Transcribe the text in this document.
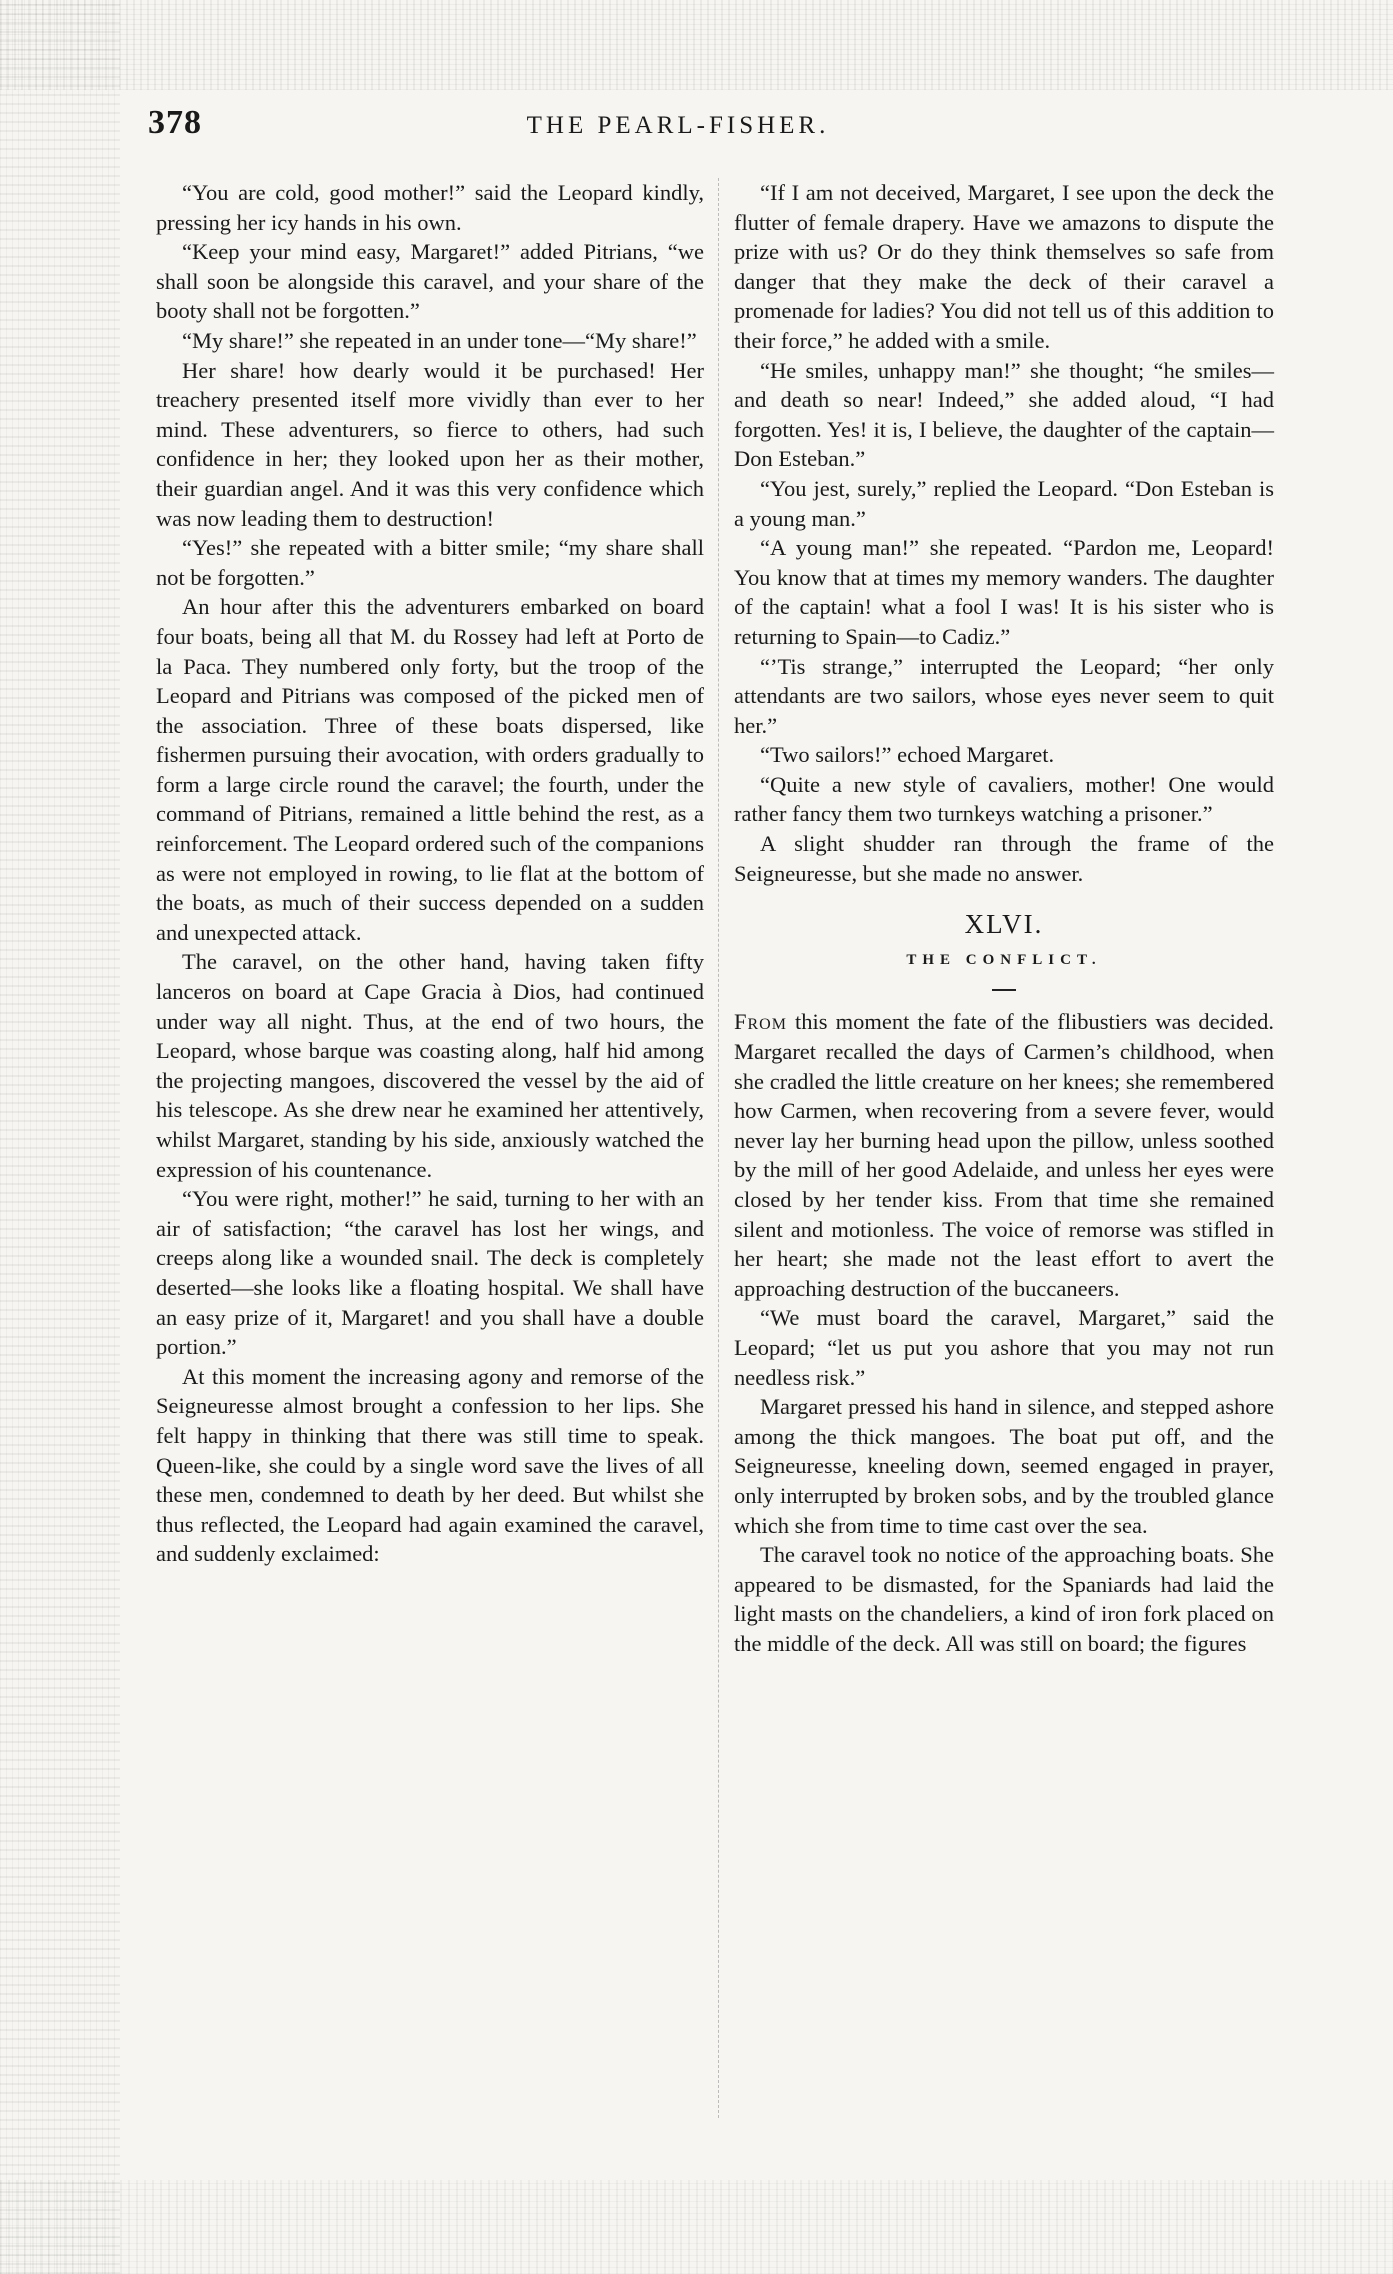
378	THE PEARL-FISHER.

“You are cold, good mother!” said the Leopard kindly, pressing her icy hands in his own.

“Keep your mind easy, Margaret!” added Pitrians, “we shall soon be alongside this caravel, and your share of the booty shall not be forgotten.”

“My share!” she repeated in an under tone—“My share!”

Her share! how dearly would it be purchased! Her treachery presented itself more vividly than ever to her mind. These adventurers, so fierce to others, had such confidence in her; they looked upon her as their mother, their guardian angel. And it was this very confidence which was now leading them to destruction!

“Yes!” she repeated with a bitter smile; “my share shall not be forgotten.”

An hour after this the adventurers embarked on board four boats, being all that M. du Rossey had left at Porto de la Paca. They numbered only forty, but the troop of the Leopard and Pitrians was composed of the picked men of the association. Three of these boats dispersed, like fishermen pursuing their avocation, with orders gradually to form a large circle round the caravel; the fourth, under the command of Pitrians, remained a little behind the rest, as a reinforcement. The Leopard ordered such of the companions as were not employed in rowing, to lie flat at the bottom of the boats, as much of their success depended on a sudden and unexpected attack.

The caravel, on the other hand, having taken fifty lanceros on board at Cape Gracia à Dios, had continued under way all night. Thus, at the end of two hours, the Leopard, whose barque was coasting along, half hid among the projecting mangoes, discovered the vessel by the aid of his telescope. As she drew near he examined her attentively, whilst Margaret, standing by his side, anxiously watched the expression of his countenance.

“You were right, mother!” he said, turning to her with an air of satisfaction; “the caravel has lost her wings, and creeps along like a wounded snail. The deck is completely deserted—she looks like a floating hospital. We shall have an easy prize of it, Margaret! and you shall have a double portion.”

At this moment the increasing agony and remorse of the Seigneuresse almost brought a confession to her lips. She felt happy in thinking that there was still time to speak. Queen-like, she could by a single word save the lives of all these men, condemned to death by her deed. But whilst she thus reflected, the Leopard had again examined the caravel, and suddenly exclaimed:

“If I am not deceived, Margaret, I see upon the deck the flutter of female drapery. Have we amazons to dispute the prize with us? Or do they think themselves so safe from danger that they make the deck of their caravel a promenade for ladies? You did not tell us of this addition to their force,” he added with a smile.

“He smiles, unhappy man!” she thought; “he smiles—and death so near! Indeed,” she added aloud, “I had forgotten. Yes! it is, I believe, the daughter of the captain—Don Esteban.”

“You jest, surely,” replied the Leopard. “Don Esteban is a young man.”

“A young man!” she repeated. “Pardon me, Leopard! You know that at times my memory wanders. The daughter of the captain! what a fool I was! It is his sister who is returning to Spain—to Cadiz.”

“’Tis strange,” interrupted the Leopard; “her only attendants are two sailors, whose eyes never seem to quit her.”

“Two sailors!” echoed Margaret.

“Quite a new style of cavaliers, mother! One would rather fancy them two turnkeys watching a prisoner.”

A slight shudder ran through the frame of the Seigneuresse, but she made no answer.

XLVI.
THE CONFLICT.

From this moment the fate of the flibustiers was decided. Margaret recalled the days of Carmen’s childhood, when she cradled the little creature on her knees; she remembered how Carmen, when recovering from a severe fever, would never lay her burning head upon the pillow, unless soothed by the mill of her good Adelaide, and unless her eyes were closed by her tender kiss. From that time she remained silent and motionless. The voice of remorse was stifled in her heart; she made not the least effort to avert the approaching destruction of the buccaneers.

“We must board the caravel, Margaret,” said the Leopard; “let us put you ashore that you may not run needless risk.”

Margaret pressed his hand in silence, and stepped ashore among the thick mangoes. The boat put off, and the Seigneuresse, kneeling down, seemed engaged in prayer, only interrupted by broken sobs, and by the troubled glance which she from time to time cast over the sea.

The caravel took no notice of the approaching boats. She appeared to be dismasted, for the Spaniards had laid the light masts on the chandeliers, a kind of iron fork placed on the middle of the deck. All was still on board; the figures
